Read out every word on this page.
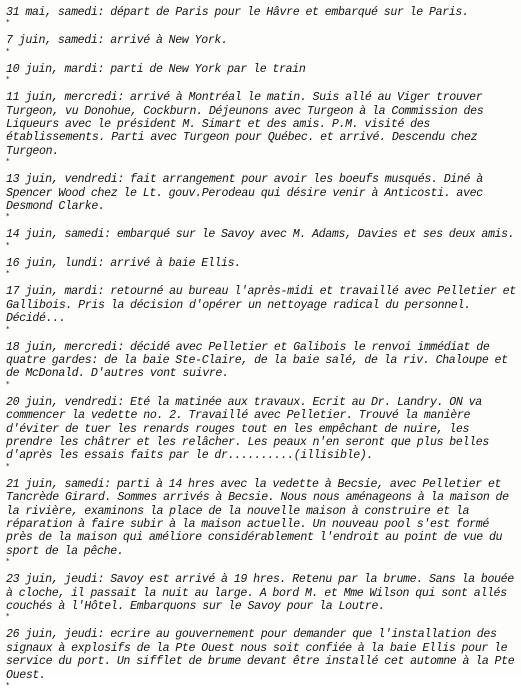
31 mai, samedi: départ de Paris pour le Hâvre et embarqué sur le Paris.
*
7 juin, samedi: arrivé à New York.
*
10 juin, mardi: parti de New York par le train
*
11 juin, mercredi: arrivé à Montréal le matin. Suis allé au Viger trouver Turgeon, vu Donohue, Cockburn. Déjeunons avec Turgeon à la Commission des Liqueurs avec le président M. Simart et des amis. P.M. visité des établissements. Parti avec Turgeon pour Québec. et arrivé. Descendu chez Turgeon.
*
13 juin, vendredi: fait arrangement pour avoir les boeufs musqués. Diné à Spencer Wood chez le Lt. gouv.Perodeau qui désire venir à Anticosti. avec Desmond Clarke.
*
14 juin, samedi: embarqué sur le Savoy avec M. Adams, Davies et ses deux amis.
*
16 juin, lundi: arrivé à baie Ellis.
*
17 juin, mardi: retourné au bureau l'après-midi et travaillé avec Pelletier et Gallibois. Pris la décision d'opérer un nettoyage radical du personnel. Décidé...
*
18 juin, mercredi: décidé avec Pelletier et Galibois le renvoi immédiat de quatre gardes: de la baie Ste-Claire, de la baie salé, de la riv. Chaloupe et de McDonald. D'autres vont suivre.
*
20 juin, vendredi: Eté la matinée aux travaux. Ecrit au Dr. Landry. ON va commencer la vedette no. 2. Travaillé avec Pelletier. Trouvé la manière d'éviter de tuer les renards rouges tout en les empêchant de nuire, les prendre les châtrer et les relâcher. Les peaux n'en seront que plus belles d'après les essais faits par le dr..........(illisible).
*
21 juin, samedi: parti à 14 hres avec la vedette à Becsie, avec Pelletier et Tancrède Girard. Sommes arrivés à Becsie. Nous nous aménageons à la maison de la rivière, examinons la place de la nouvelle maison à construire et la réparation à faire subir à la maison actuelle. Un nouveau pool s'est formé près de la maison qui améliore considérablement l'endroit au point de vue du sport de la pêche.
*
23 juin, jeudi: Savoy est arrivé à 19 hres. Retenu par la brume. Sans la bouée à cloche, il passait la nuit au large. A bord M. et Mme Wilson qui sont allés couchés à l'Hôtel. Embarquons sur le Savoy pour la Loutre.
*
26 juin, jeudi: ecrire au gouvernement pour demander que l'installation des signaux à explosifs de la Pte Ouest nous soit confiée à la baie Ellis pour le service du port. Un sifflet de brume devant être installé cet automne à la Pte Ouest.
*
